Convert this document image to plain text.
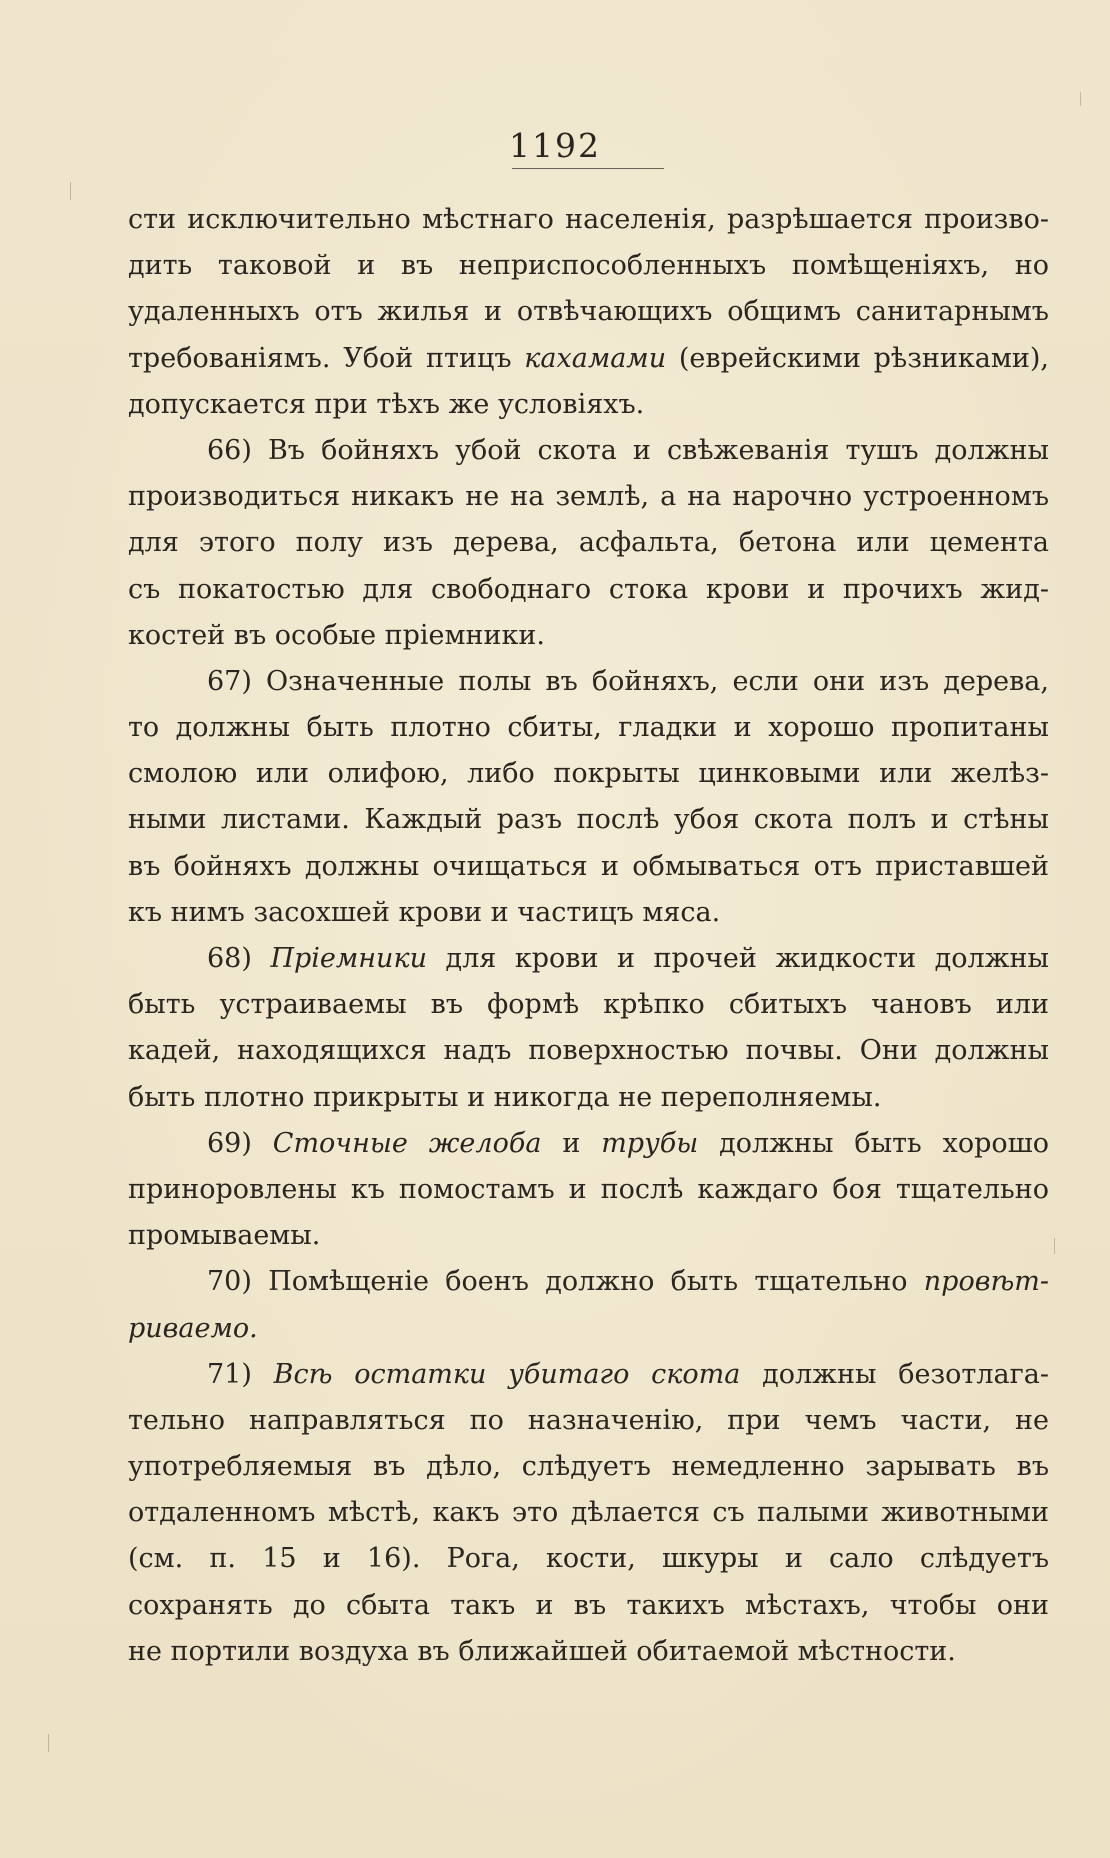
1192
сти исключительно мѣстнаго населенія, разрѣшается произво-
дить таковой и въ неприспособленныхъ помѣщеніяхъ, но
удаленныхъ отъ жилья и отвѣчающихъ общимъ санитарнымъ
требованіямъ. Убой птицъ кахамами (еврейскими рѣзниками),
допускается при тѣхъ же условіяхъ.
66) Въ бойняхъ убой скота и свѣжеванія тушъ должны
производиться никакъ не на землѣ, а на нарочно устроенномъ
для этого полу изъ дерева, асфальта, бетона или цемента
съ покатостью для свободнаго стока крови и прочихъ жид-
костей въ особые пріемники.
67) Означенные полы въ бойняхъ, если они изъ дерева,
то должны быть плотно сбиты, гладки и хорошо пропитаны
смолою или олифою, либо покрыты цинковыми или желѣз-
ными листами. Каждый разъ послѣ убоя скота полъ и стѣны
въ бойняхъ должны очищаться и обмываться отъ приставшей
къ нимъ засохшей крови и частицъ мяса.
68) Пріемники для крови и прочей жидкости должны
быть устраиваемы въ формѣ крѣпко сбитыхъ чановъ или
кадей, находящихся надъ поверхностью почвы. Они должны
быть плотно прикрыты и никогда не переполняемы.
69) Сточные желоба и трубы должны быть хорошо
приноровлены къ помостамъ и послѣ каждаго боя тщательно
промываемы.
70) Помѣщеніе боенъ должно быть тщательно провѣт-
риваемо.
71) Всѣ остатки убитаго скота должны безотлага-
тельно направляться по назначенію, при чемъ части, не
употребляемыя въ дѣло, слѣдуетъ немедленно зарывать въ
отдаленномъ мѣстѣ, какъ это дѣлается съ палыми животными
(см. п. 15 и 16). Рога, кости, шкуры и сало слѣдуетъ
сохранять до сбыта такъ и въ такихъ мѣстахъ, чтобы они
не портили воздуха въ ближайшей обитаемой мѣстности.
